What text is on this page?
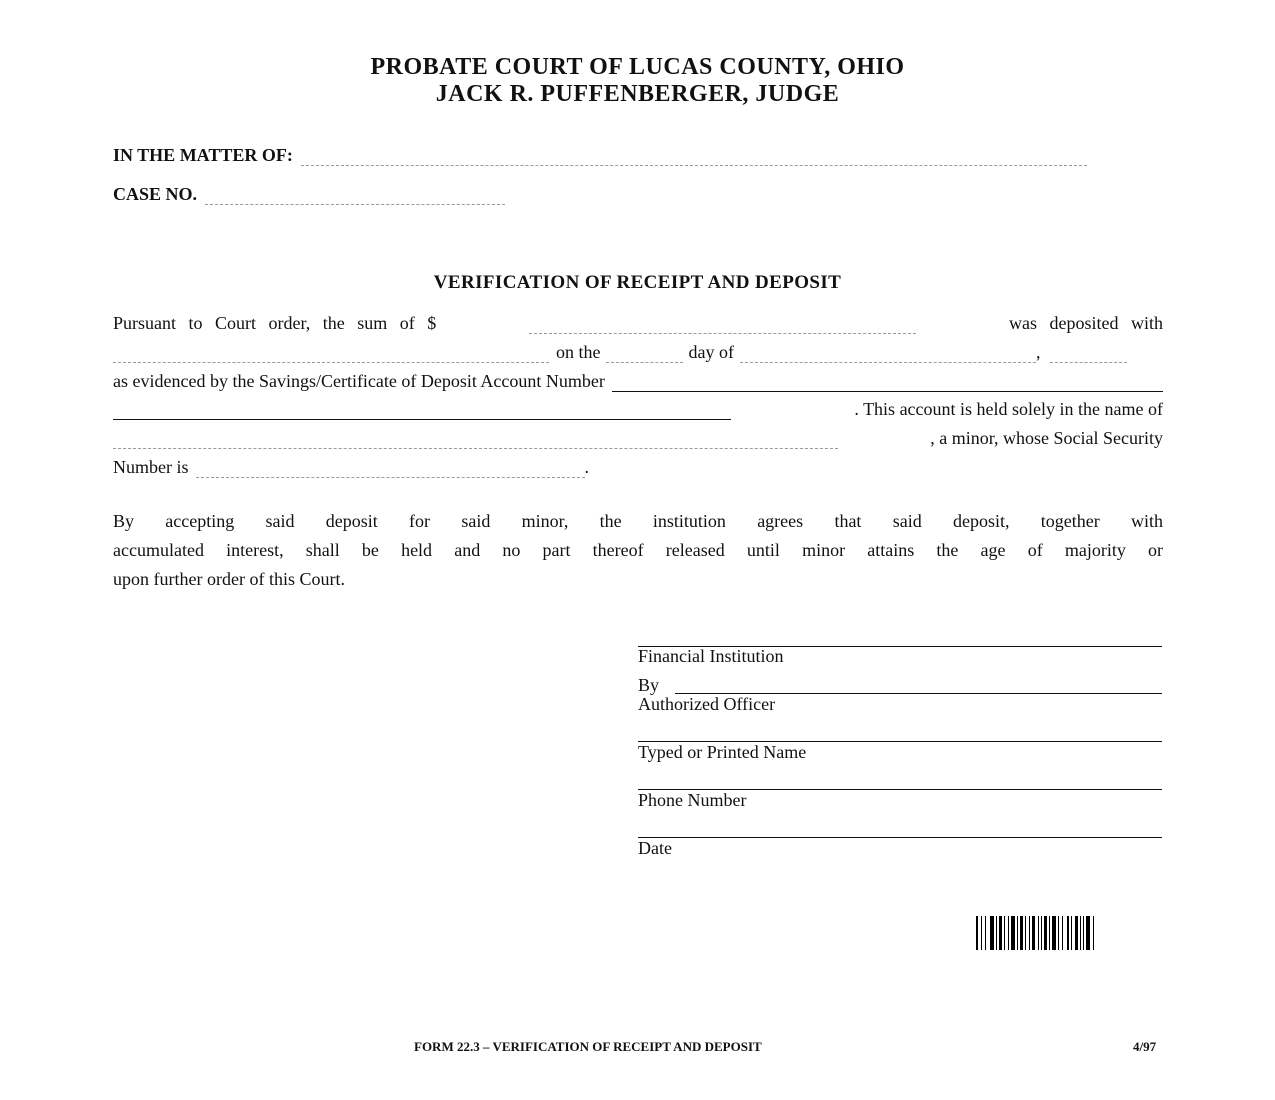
PROBATE COURT OF LUCAS COUNTY, OHIO
JACK R. PUFFENBERGER, JUDGE
IN THE MATTER OF:
CASE NO.
VERIFICATION OF RECEIPT AND DEPOSIT
Pursuant to Court order, the sum of $	was deposited with
on the	day of	,
as evidenced by the Savings/Certificate of Deposit Account Number
. This account is held solely in the name of
, a minor, whose Social Security
Number is	.
By accepting said deposit for said minor, the institution agrees that said deposit, together with
accumulated interest, shall be held and no part thereof released until minor attains the age of majority or
upon further order of this Court.
Financial Institution
By
Authorized Officer
Typed or Printed Name
Phone Number
Date
FORM 22.3 – VERIFICATION OF RECEIPT AND DEPOSIT	4/97
